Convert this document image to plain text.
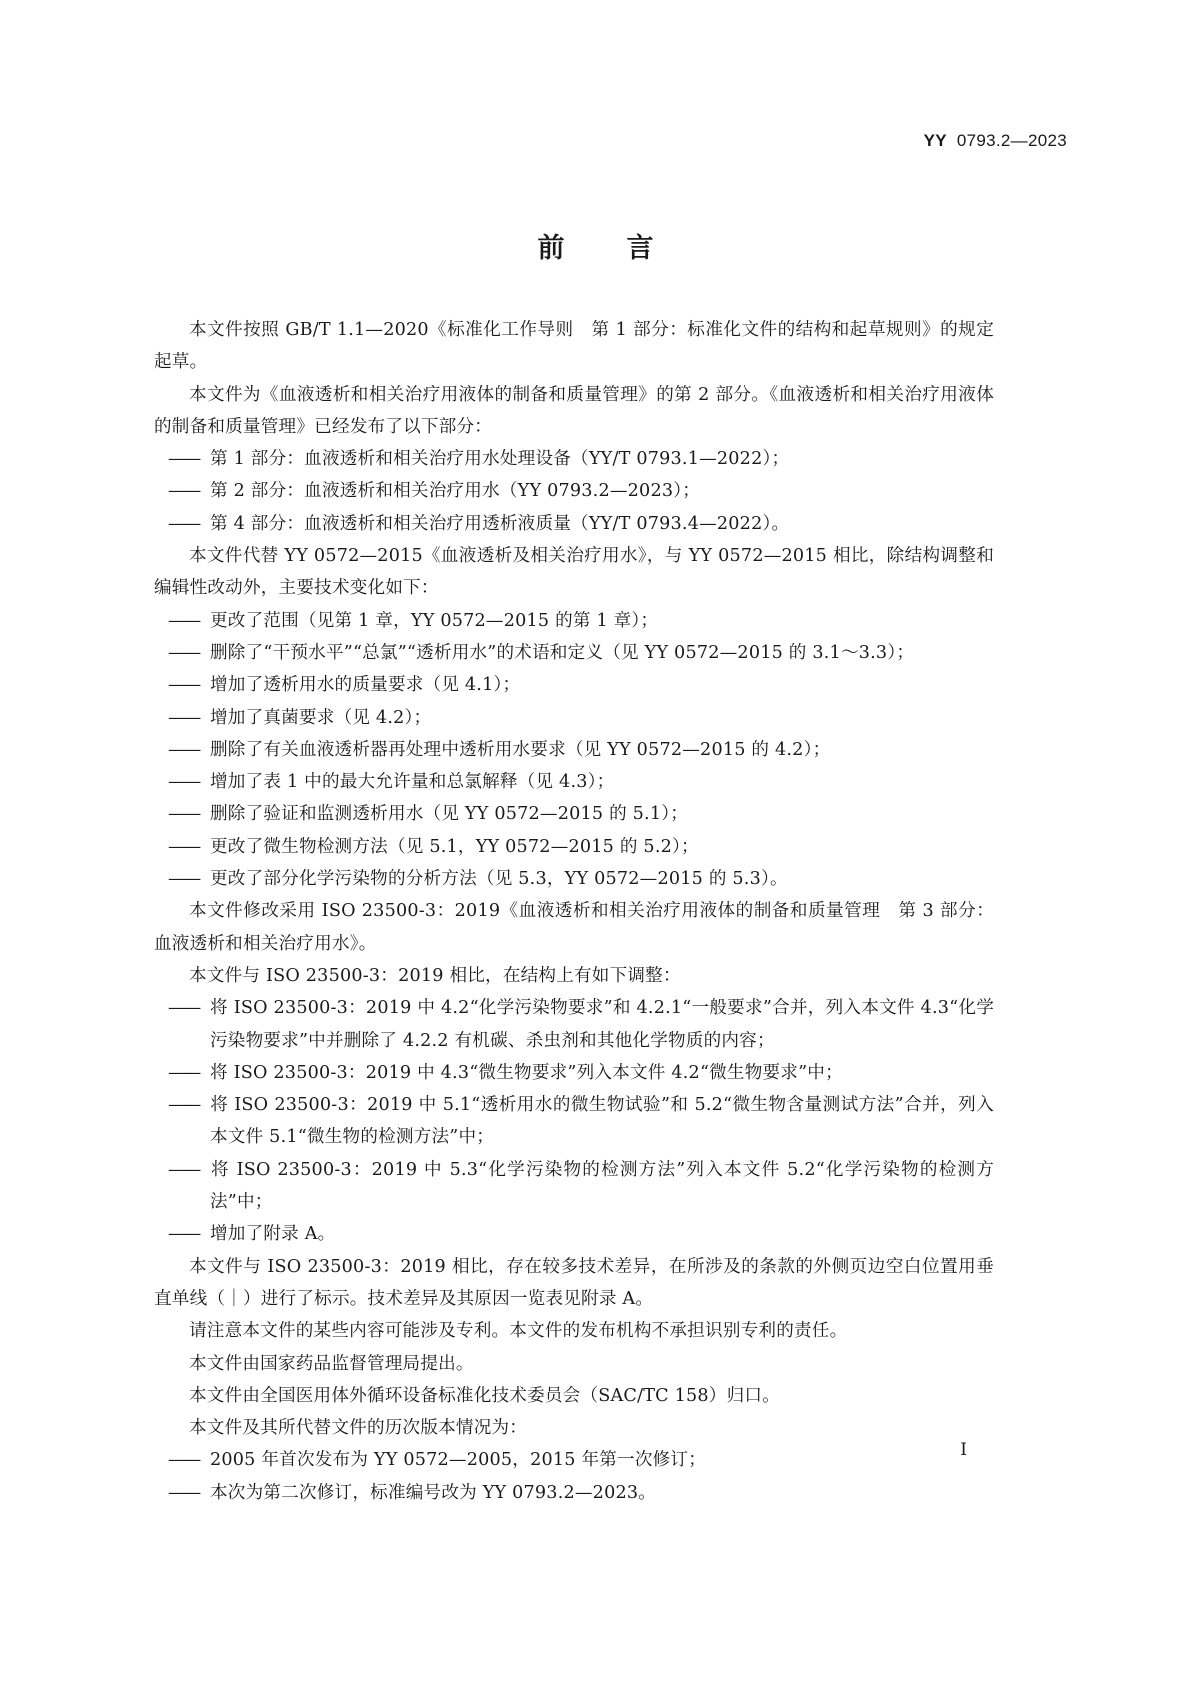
YY 0793.2—2023
前言

本文件按照 GB/T 1.1—2020《标准化工作导则　第 1 部分：标准化文件的结构和起草规则》的规定起草。

本文件为《血液透析和相关治疗用液体的制备和质量管理》的第 2 部分。《血液透析和相关治疗用液体的制备和质量管理》已经发布了以下部分：

—— 第 1 部分：血液透析和相关治疗用水处理设备（YY/T 0793.1—2022）；

—— 第 2 部分：血液透析和相关治疗用水（YY 0793.2—2023）；

—— 第 4 部分：血液透析和相关治疗用透析液质量（YY/T 0793.4—2022）。

本文件代替 YY 0572—2015《血液透析及相关治疗用水》，与 YY 0572—2015 相比，除结构调整和编辑性改动外，主要技术变化如下：

—— 更改了范围（见第 1 章，YY 0572—2015 的第 1 章）；

—— 删除了“干预水平”“总氯”“透析用水”的术语和定义（见 YY 0572—2015 的 3.1～3.3）；

—— 增加了透析用水的质量要求（见 4.1）；

—— 增加了真菌要求（见 4.2）；

—— 删除了有关血液透析器再处理中透析用水要求（见 YY 0572—2015 的 4.2）；

—— 增加了表 1 中的最大允许量和总氯解释（见 4.3）；

—— 删除了验证和监测透析用水（见 YY 0572—2015 的 5.1）；

—— 更改了微生物检测方法（见 5.1，YY 0572—2015 的 5.2）；

—— 更改了部分化学污染物的分析方法（见 5.3，YY 0572—2015 的 5.3）。

本文件修改采用 ISO 23500-3：2019《血液透析和相关治疗用液体的制备和质量管理　第 3 部分：血液透析和相关治疗用水》。

本文件与 ISO 23500-3：2019 相比，在结构上有如下调整：

—— 将 ISO 23500-3：2019 中 4.2“化学污染物要求”和 4.2.1“一般要求”合并，列入本文件 4.3“化学污染物要求”中并删除了 4.2.2 有机碳、杀虫剂和其他化学物质的内容；

—— 将 ISO 23500-3：2019 中 4.3“微生物要求”列入本文件 4.2“微生物要求”中；

—— 将 ISO 23500-3：2019 中 5.1“透析用水的微生物试验”和 5.2“微生物含量测试方法”合并，列入本文件 5.1“微生物的检测方法”中；

—— 将 ISO 23500-3：2019 中 5.3“化学污染物的检测方法”列入本文件 5.2“化学污染物的检测方法”中；

—— 增加了附录 A。

本文件与 ISO 23500-3：2019 相比，存在较多技术差异，在所涉及的条款的外侧页边空白位置用垂直单线（｜）进行了标示。技术差异及其原因一览表见附录 A。

请注意本文件的某些内容可能涉及专利。本文件的发布机构不承担识别专利的责任。

本文件由国家药品监督管理局提出。

本文件由全国医用体外循环设备标准化技术委员会（SAC/TC 158）归口。

本文件及其所代替文件的历次版本情况为：

—— 2005 年首次发布为 YY 0572—2005，2015 年第一次修订；

—— 本次为第二次修订，标准编号改为 YY 0793.2—2023。

Ⅰ
